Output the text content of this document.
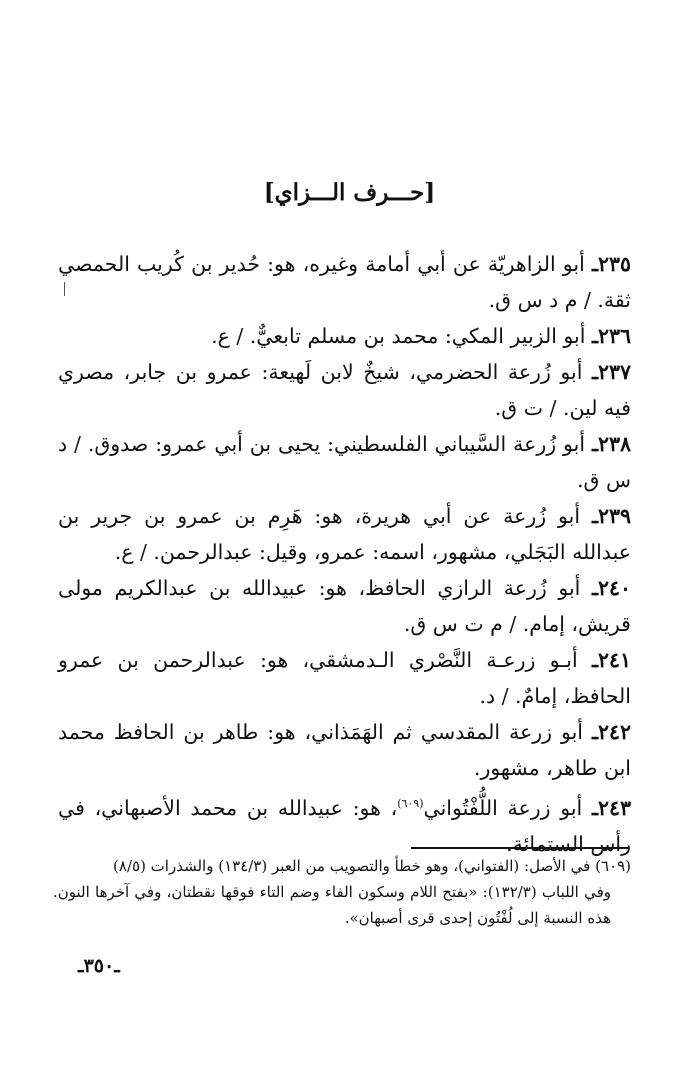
[حـــرف الـــزاي]

٢٣٥ـ أبو الزاهريّة عن أبي أمامة وغيره، هو: حُدير بن كُريب الحمصي ثقة. / م د س ق.

٢٣٦ـ أبو الزبير المكي: محمد بن مسلم تابعيٌّ. / ع.

٢٣٧ـ أبو زُرعة الحضرمي، شيخٌ لابن لَهيعة: عمرو بن جابر، مصري فيه لين. / ت ق.

٢٣٨ـ أبو زُرعة السَّيباني الفلسطيني: يحيى بن أبي عمرو: صدوق. / د س ق.

٢٣٩ـ أبو زُرعة عن أبي هريرة، هو: هَرِم بن عمرو بن جرير بن عبدالله البَجَلي، مشهور، اسمه: عمرو، وقيل: عبدالرحمن. / ع.

٢٤٠ـ أبو زُرعة الرازي الحافظ، هو: عبيدالله بن عبدالكريم مولى قريش، إمام. / م ت س ق.

٢٤١ـ أبـو زرعـة النَّصْري الـدمشقي، هو: عبدالرحمن بن عمرو الحافظ، إمامٌ. / د.

٢٤٢ـ أبو زرعة المقدسي ثم الهَمَذاني، هو: طاهر بن الحافظ محمد ابن طاهر، مشهور.

٢٤٣ـ أبو زرعة اللُّفْتُواني$^{(٦٠٩)}$، هو: عبيدالله بن محمد الأصبهاني، في رأس الستمائة.

(٦٠٩) في الأصل: (الفتواني)، وهو خطأ والتصويب من العبر (١٣٤/٣) والشذرات (٨/٥)

وفي اللباب (١٣٢/٣): «بفتح اللام وسكون الفاء وضم التاء فوقها نقطتان، وفي آخرها النون. هذه النسبة إلى لُفْتُون إحدى قرى أصبهان».

ـ٣٥٠ـ
